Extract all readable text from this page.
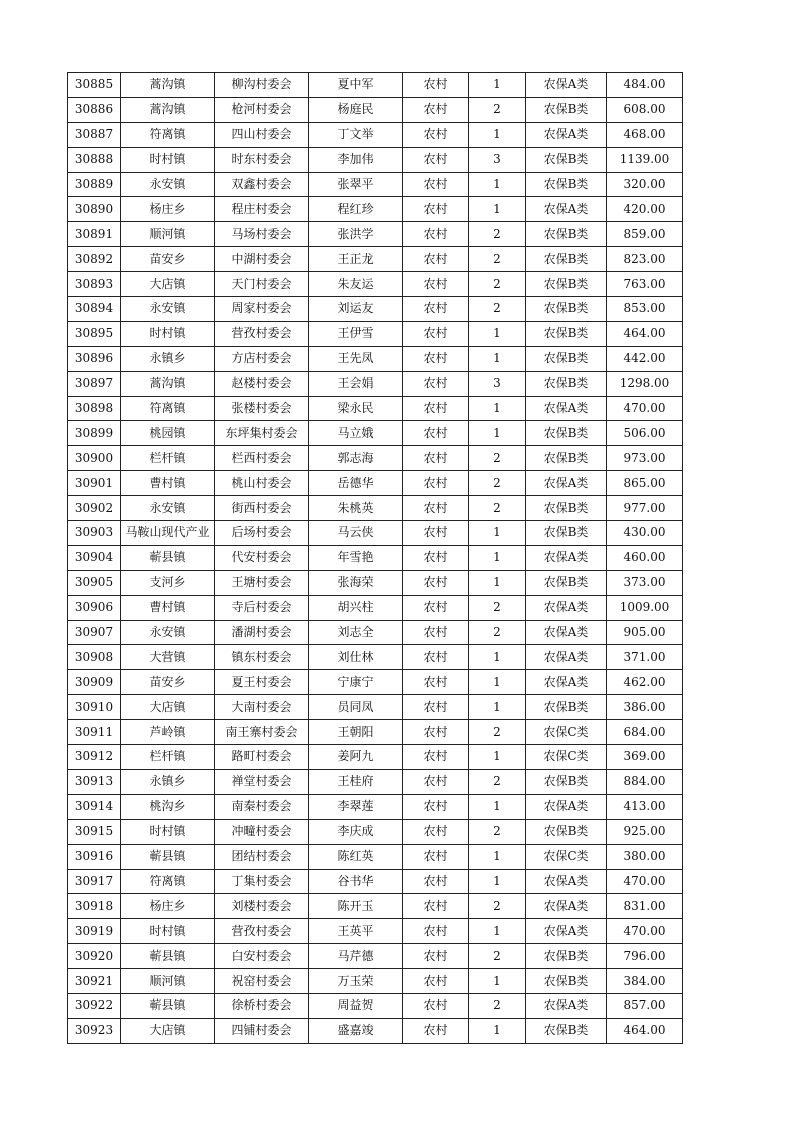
30885	蒿沟镇	柳沟村委会	夏中军	农村	1	农保A类	484.00
30886	蒿沟镇	枪河村委会	杨庭民	农村	2	农保B类	608.00
30887	符离镇	四山村委会	丁文举	农村	1	农保A类	468.00
30888	时村镇	时东村委会	李加伟	农村	3	农保B类	1139.00
30889	永安镇	双鑫村委会	张翠平	农村	1	农保B类	320.00
30890	杨庄乡	程庄村委会	程红珍	农村	1	农保A类	420.00
30891	顺河镇	马场村委会	张洪学	农村	2	农保B类	859.00
30892	苗安乡	中湖村委会	王正龙	农村	2	农保B类	823.00
30893	大店镇	天门村委会	朱友运	农村	2	农保B类	763.00
30894	永安镇	周家村委会	刘运友	农村	2	农保B类	853.00
30895	时村镇	营孜村委会	王伊雪	农村	1	农保B类	464.00
30896	永镇乡	方店村委会	王先凤	农村	1	农保B类	442.00
30897	蒿沟镇	赵楼村委会	王会娟	农村	3	农保B类	1298.00
30898	符离镇	张楼村委会	梁永民	农村	1	农保A类	470.00
30899	桃园镇	东坪集村委会	马立娥	农村	1	农保B类	506.00
30900	栏杆镇	栏西村委会	郭志海	农村	2	农保B类	973.00
30901	曹村镇	桃山村委会	岳德华	农村	2	农保A类	865.00
30902	永安镇	街西村委会	朱桃英	农村	2	农保B类	977.00
30903	马鞍山现代产业	后场村委会	马云侠	农村	1	农保B类	430.00
30904	蕲县镇	代安村委会	年雪艳	农村	1	农保A类	460.00
30905	支河乡	王塘村委会	张海荣	农村	1	农保B类	373.00
30906	曹村镇	寺后村委会	胡兴柱	农村	2	农保A类	1009.00
30907	永安镇	潘湖村委会	刘志全	农村	2	农保A类	905.00
30908	大营镇	镇东村委会	刘仕林	农村	1	农保A类	371.00
30909	苗安乡	夏王村委会	宁康宁	农村	1	农保A类	462.00
30910	大店镇	大南村委会	员同凤	农村	1	农保B类	386.00
30911	芦岭镇	南王寨村委会	王朝阳	农村	2	农保C类	684.00
30912	栏杆镇	路町村委会	姜阿九	农村	1	农保C类	369.00
30913	永镇乡	禅堂村委会	王桂府	农村	2	农保B类	884.00
30914	桃沟乡	南秦村委会	李翠莲	农村	1	农保A类	413.00
30915	时村镇	冲疃村委会	李庆成	农村	2	农保B类	925.00
30916	蕲县镇	团结村委会	陈红英	农村	1	农保C类	380.00
30917	符离镇	丁集村委会	谷书华	农村	1	农保A类	470.00
30918	杨庄乡	刘楼村委会	陈开玉	农村	2	农保A类	831.00
30919	时村镇	营孜村委会	王英平	农村	1	农保A类	470.00
30920	蕲县镇	白安村委会	马芹德	农村	2	农保B类	796.00
30921	顺河镇	祝窑村委会	万玉荣	农村	1	农保B类	384.00
30922	蕲县镇	徐桥村委会	周益贺	农村	2	农保A类	857.00
30923	大店镇	四铺村委会	盛嘉竣	农村	1	农保B类	464.00
